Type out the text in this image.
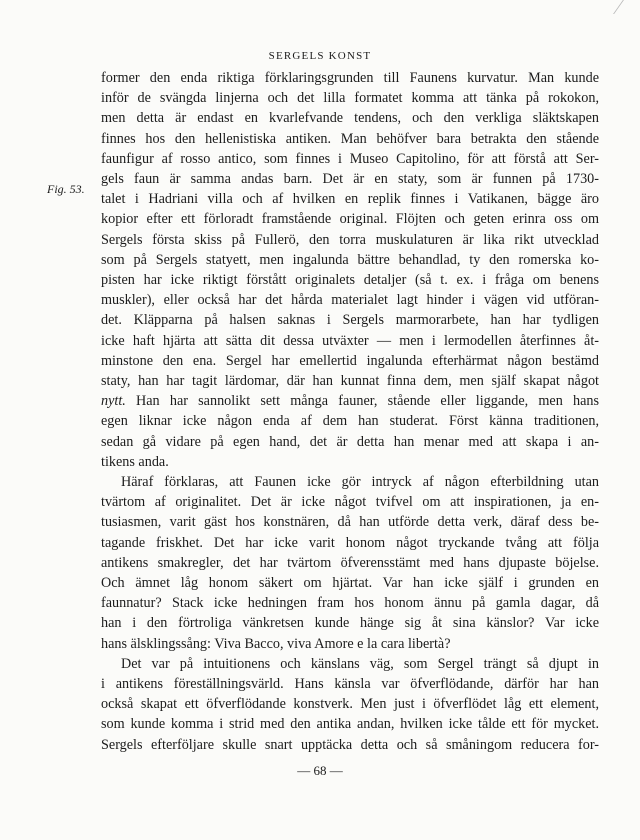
SERGELS KONST
Fig. 53.
former den enda riktiga förklaringsgrunden till Faunens kurvatur. Man kunde
inför de svängda linjerna och det lilla formatet komma att tänka på rokokon,
men detta är endast en kvarlefvande tendens, och den verkliga släktskapen
finnes hos den hellenistiska antiken. Man behöfver bara betrakta den stående
faunfigur af rosso antico, som finnes i Museo Capitolino, för att förstå att Ser-
gels faun är samma andas barn. Det är en staty, som är funnen på 1730-
talet i Hadriani villa och af hvilken en replik finnes i Vatikanen, bägge äro
kopior efter ett förloradt framstående original. Flöjten och geten erinra oss om
Sergels första skiss på Fullerö, den torra muskulaturen är lika rikt utvecklad
som på Sergels statyett, men ingalunda bättre behandlad, ty den romerska ko-
pisten har icke riktigt förstått originalets detaljer (så t. ex. i fråga om benens
muskler), eller också har det hårda materialet lagt hinder i vägen vid utföran-
det. Kläpparna på halsen saknas i Sergels marmorarbete, han har tydligen
icke haft hjärta att sätta dit dessa utväxter — men i lermodellen återfinnes åt-
minstone den ena. Sergel har emellertid ingalunda efterhärmat någon bestämd
staty, han har tagit lärdomar, där han kunnat finna dem, men själf skapat något
nytt. Han har sannolikt sett många fauner, stående eller liggande, men hans
egen liknar icke någon enda af dem han studerat. Först känna traditionen,
sedan gå vidare på egen hand, det är detta han menar med att skapa i an-
tikens anda.
Häraf förklaras, att Faunen icke gör intryck af någon efterbildning utan
tvärtom af originalitet. Det är icke något tvifvel om att inspirationen, ja en-
tusiasmen, varit gäst hos konstnären, då han utförde detta verk, däraf dess be-
tagande friskhet. Det har icke varit honom något tryckande tvång att följa
antikens smakregler, det har tvärtom öfverensstämt med hans djupaste böjelse.
Och ämnet låg honom säkert om hjärtat. Var han icke själf i grunden en
faunnatur? Stack icke hedningen fram hos honom ännu på gamla dagar, då
han i den förtroliga vänkretsen kunde hänge sig åt sina känslor? Var icke
hans älsklingssång: Viva Bacco, viva Amore e la cara libertà?
Det var på intuitionens och känslans väg, som Sergel trängt så djupt in
i antikens föreställningsvärld. Hans känsla var öfverflödande, därför har han
också skapat ett öfverflödande konstverk. Men just i öfverflödet låg ett element,
som kunde komma i strid med den antika andan, hvilken icke tålde ett för mycket.
Sergels efterföljare skulle snart upptäcka detta och så småningom reducera for-
— 68 —
